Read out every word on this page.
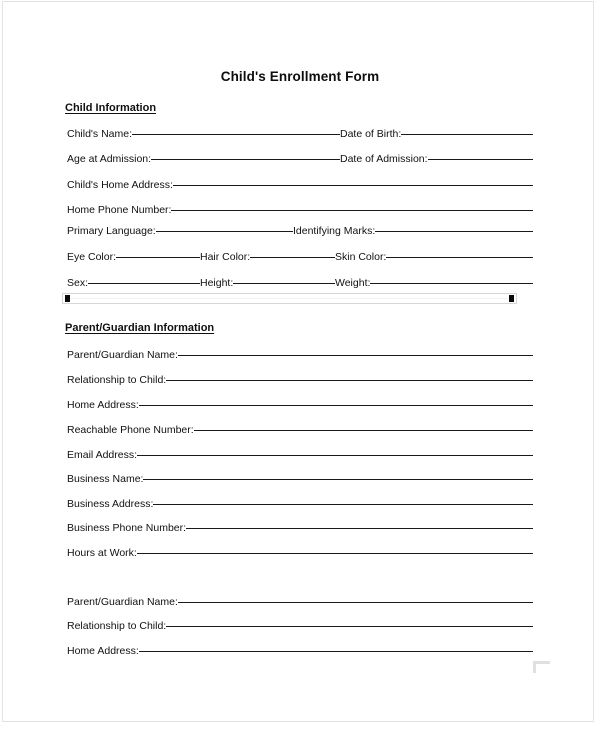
Child's Enrollment Form
Child Information
Parent/Guardian Information
Child's Name:	Date of Birth:
Age at Admission:	Date of Admission:
Child's Home Address:
Home Phone Number:
Primary Language:	Identifying Marks:
Eye Color:	Hair Color:	Skin Color:
Sex:	Height:	Weight:
Parent/Guardian Name:
Relationship to Child:
Home Address:
Reachable Phone Number:
Email Address:
Business Name:
Business Address:
Business Phone Number:
Hours at Work:
Parent/Guardian Name:
Relationship to Child:
Home Address:
